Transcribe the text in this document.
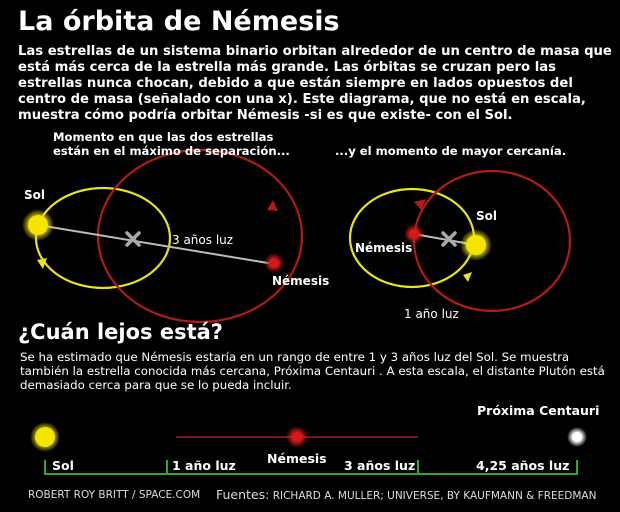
La órbita de Némesis
Las estrellas de un sistema binario orbitan alrededor de un centro de masa que está más cerca de la estrella más grande. Las órbitas se cruzan pero las estrellas nunca chocan, debido a que están siempre en lados opuestos del centro de masa (señalado con una x). Este diagrama, que no está en escala, muestra cómo podría orbitar Némesis -si es que existe- con el Sol.
Momento en que las dos estrellas
están en el máximo de separación...
Sol
3 años luz
Némesis
...y el momento de mayor cercanía.
Sol
Némesis
1 año luz
¿Cuán lejos está?
Se ha estimado que Némesis estaría en un rango de entre 1 y 3 años luz del Sol. Se muestra también la estrella conocida más cercana, Próxima Centauri . A esta escala, el distante Plutón está demasiado cerca para que se lo pueda incluir.
Próxima Centauri
Némesis
Sol	1 año luz	3 años luz	4,25 años luz
ROBERT ROY BRITT / SPACE.COM Fuentes: RICHARD A. MULLER; UNIVERSE, BY KAUFMANN & FREEDMAN
